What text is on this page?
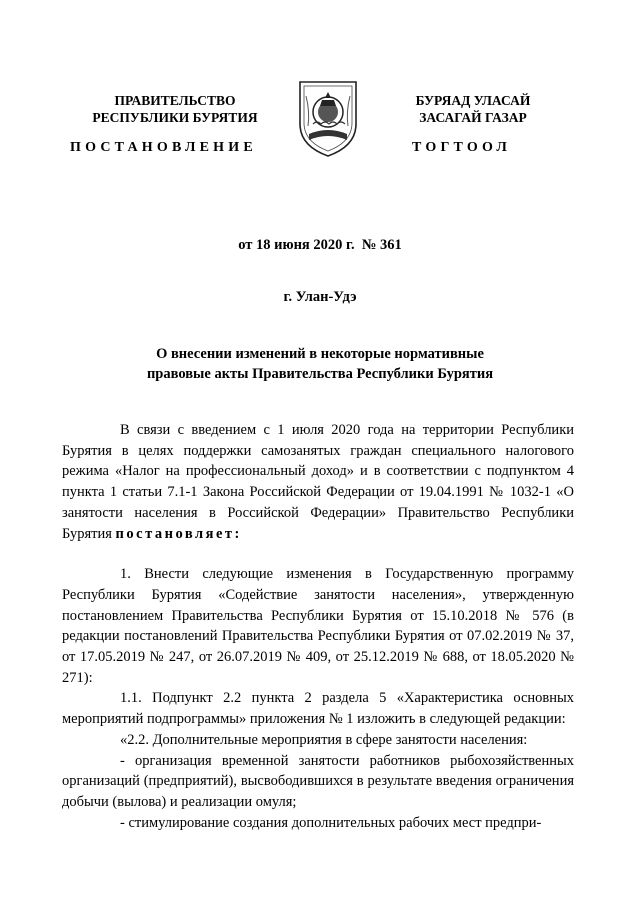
ПРАВИТЕЛЬСТВО
РЕСПУБЛИКИ БУРЯТИЯ
БУРЯАД УЛАСАЙ
ЗАСАГАЙ ГАЗАР
ПОСТАНОВЛЕНИЕ	ТОГТООЛ
от 18 июня 2020 г.  № 361
г. Улан-Удэ
О внесении изменений в некоторые нормативные
правовые акты Правительства Республики Бурятия

В связи с введением с 1 июля 2020 года на территории Республики Бурятия в целях поддержки самозанятых граждан специального налогового режима «Налог на профессиональный доход» и в соответствии с подпунктом 4 пункта 1 статьи 7.1-1 Закона Российской Федерации от 19.04.1991 № 1032-1 «О занятости населения в Российской Федерации» Правительство Республики Бурятия постановляет:

1. Внести следующие изменения в Государственную программу Республики Бурятия «Содействие занятости населения», утвержденную постановлением Правительства Республики Бурятия от 15.10.2018 № 576 (в редакции постановлений Правительства Республики Бурятия от 07.02.2019 № 37, от 17.05.2019 № 247, от 26.07.2019 № 409, от 25.12.2019 № 688, от 18.05.2020 № 271):

1.1. Подпункт 2.2 пункта 2 раздела 5 «Характеристика основных мероприятий подпрограммы» приложения № 1 изложить в следующей редакции:

«2.2. Дополнительные мероприятия в сфере занятости населения:

- организация временной занятости работников рыбохозяйственных организаций (предприятий), высвободившихся в результате введения ограничения добычи (вылова) и реализации омуля;

- стимулирование создания дополнительных рабочих мест предпри-
